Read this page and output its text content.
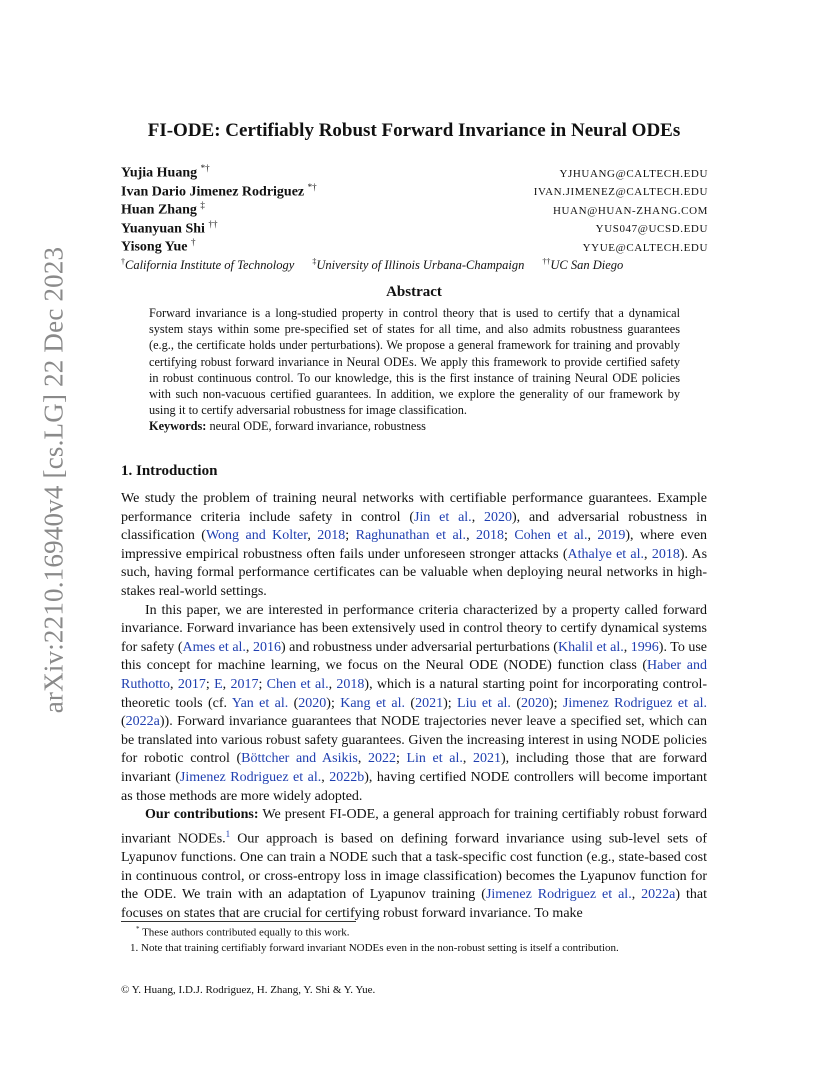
arXiv:2210.16940v4 [cs.LG] 22 Dec 2023
FI-ODE: Certifiably Robust Forward Invariance in Neural ODEs
Yujia Huang *†	YJHUANG@CALTECH.EDU
Ivan Dario Jimenez Rodriguez *†	IVAN.JIMENEZ@CALTECH.EDU
Huan Zhang ‡	HUAN@HUAN-ZHANG.COM
Yuanyuan Shi ††	YUS047@UCSD.EDU
Yisong Yue †	YYUE@CALTECH.EDU
†California Institute of Technology ‡University of Illinois Urbana-Champaign ††UC San Diego
Abstract
Forward invariance is a long-studied property in control theory that is used to certify that a dynamical system stays within some pre-specified set of states for all time, and also admits robustness guarantees (e.g., the certificate holds under perturbations). We propose a general framework for training and provably certifying robust forward invariance in Neural ODEs. We apply this framework to provide certified safety in robust continuous control. To our knowledge, this is the first instance of training Neural ODE policies with such non-vacuous certified guarantees. In addition, we explore the generality of our framework by using it to certify adversarial robustness for image classification.
Keywords: neural ODE, forward invariance, robustness
1. Introduction

We study the problem of training neural networks with certifiable performance guarantees. Example performance criteria include safety in control (Jin et al., 2020), and adversarial robustness in classification (Wong and Kolter, 2018; Raghunathan et al., 2018; Cohen et al., 2019), where even impressive empirical robustness often fails under unforeseen stronger attacks (Athalye et al., 2018). As such, having formal performance certificates can be valuable when deploying neural networks in high-stakes real-world settings.

In this paper, we are interested in performance criteria characterized by a property called forward invariance. Forward invariance has been extensively used in control theory to certify dynamical systems for safety (Ames et al., 2016) and robustness under adversarial perturbations (Khalil et al., 1996). To use this concept for machine learning, we focus on the Neural ODE (NODE) function class (Haber and Ruthotto, 2017; E, 2017; Chen et al., 2018), which is a natural starting point for incorporating control-theoretic tools (cf. Yan et al. (2020); Kang et al. (2021); Liu et al. (2020); Jimenez Rodriguez et al. (2022a)). Forward invariance guarantees that NODE trajectories never leave a specified set, which can be translated into various robust safety guarantees. Given the increasing interest in using NODE policies for robotic control (Böttcher and Asikis, 2022; Lin et al., 2021), including those that are forward invariant (Jimenez Rodriguez et al., 2022b), having certified NODE controllers will become important as those methods are more widely adopted.

Our contributions: We present FI-ODE, a general approach for training certifiably robust forward invariant NODEs.$^1$ Our approach is based on defining forward invariance using sub-level sets of Lyapunov functions. One can train a NODE such that a task-specific cost function (e.g., state-based cost in continuous control, or cross-entropy loss in image classification) becomes the Lyapunov function for the ODE. We train with an adaptation of Lyapunov training (Jimenez Rodriguez et al., 2022a) that focuses on states that are crucial for certifying robust forward invariance. To make

* These authors contributed equally to this work.
1. Note that training certifiably forward invariant NODEs even in the non-robust setting is itself a contribution.
© Y. Huang, I.D.J. Rodriguez, H. Zhang, Y. Shi & Y. Yue.
